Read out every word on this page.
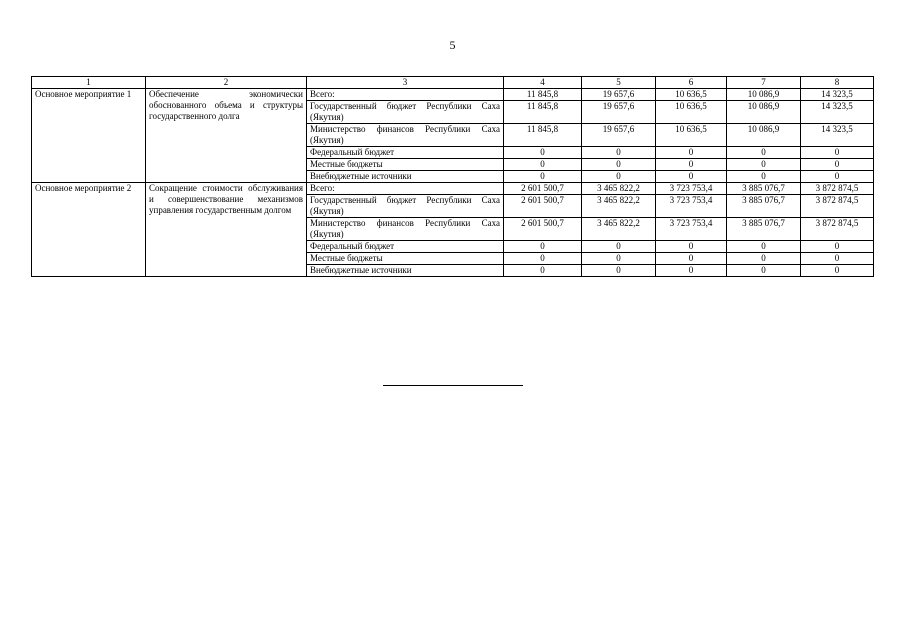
5
1	2	3	4	5	6	7	8
Основное мероприятие 1	Обеспечение экономически обоснованного объема и структуры государственного долга	Всего:	11 845,8	19 657,6	10 636,5	10 086,9	14 323,5
		Государственный бюджет Республики Саха (Якутия)	11 845,8	19 657,6	10 636,5	10 086,9	14 323,5
		Министерство финансов Республики Саха (Якутия)	11 845,8	19 657,6	10 636,5	10 086,9	14 323,5
		Федеральный бюджет	0	0	0	0	0
		Местные бюджеты	0	0	0	0	0
		Внебюджетные источники	0	0	0	0	0
Основное мероприятие 2	Сокращение стоимости обслуживания и совершенствование механизмов управления государственным долгом	Всего:	2 601 500,7	3 465 822,2	3 723 753,4	3 885 076,7	3 872 874,5
		Государственный бюджет Республики Саха (Якутия)	2 601 500,7	3 465 822,2	3 723 753,4	3 885 076,7	3 872 874,5
		Министерство финансов Республики Саха (Якутия)	2 601 500,7	3 465 822,2	3 723 753,4	3 885 076,7	3 872 874,5
		Федеральный бюджет	0	0	0	0	0
		Местные бюджеты	0	0	0	0	0
		Внебюджетные источники	0	0	0	0	0
